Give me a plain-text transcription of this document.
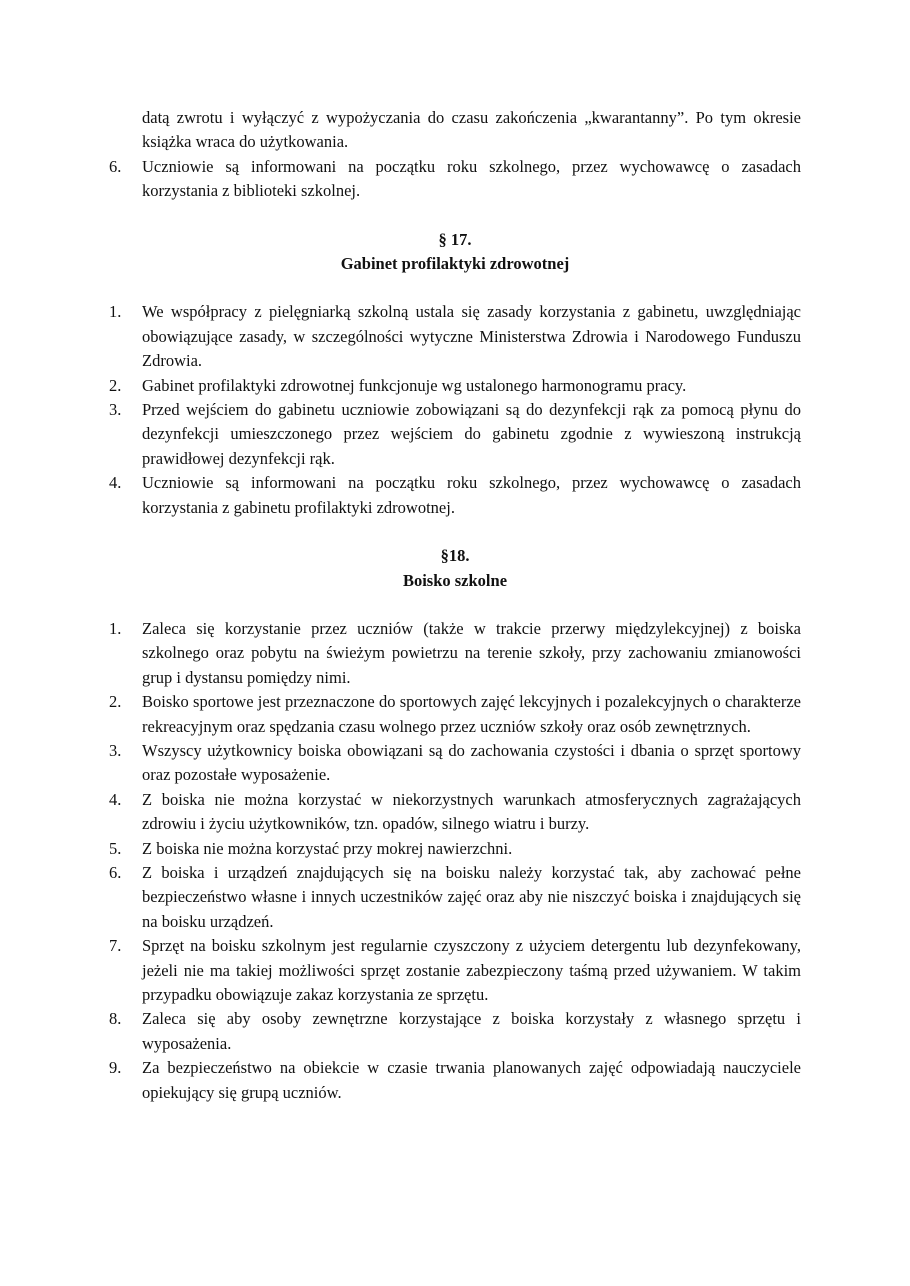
datą zwrotu i wyłączyć z wypożyczania do czasu zakończenia „kwarantanny”. Po tym okresie książka wraca do użytkowania.
6.	Uczniowie są informowani na początku roku szkolnego, przez wychowawcę o zasadach korzystania z biblioteki szkolnej.

§ 17.

Gabinet profilaktyki zdrowotnej

1.	We współpracy z pielęgniarką szkolną ustala się zasady korzystania z gabinetu, uwzględniając obowiązujące zasady, w szczególności wytyczne Ministerstwa Zdrowia i Narodowego Funduszu Zdrowia.
2.	Gabinet profilaktyki zdrowotnej funkcjonuje wg ustalonego harmonogramu pracy.
3.	Przed wejściem do gabinetu uczniowie zobowiązani są do dezynfekcji rąk za pomocą płynu do dezynfekcji umieszczonego przez wejściem do gabinetu zgodnie z wywieszoną instrukcją prawidłowej dezynfekcji rąk.
4.	Uczniowie są informowani na początku roku szkolnego, przez wychowawcę o zasadach korzystania z gabinetu profilaktyki zdrowotnej.

§18.

Boisko szkolne

1.	Zaleca się korzystanie przez uczniów (także w trakcie przerwy międzylekcyjnej) z boiska szkolnego oraz pobytu na świeżym powietrzu na terenie szkoły, przy zachowaniu zmianowości grup i dystansu pomiędzy nimi.
2.	Boisko sportowe jest przeznaczone do sportowych zajęć lekcyjnych i pozalekcyjnych o charakterze rekreacyjnym oraz spędzania czasu wolnego przez uczniów szkoły oraz osób zewnętrznych.
3.	Wszyscy użytkownicy boiska obowiązani są do zachowania czystości i dbania o sprzęt sportowy oraz pozostałe wyposażenie.
4.	Z boiska nie można korzystać w niekorzystnych warunkach atmosferycznych zagrażających zdrowiu i życiu użytkowników, tzn. opadów, silnego wiatru i burzy.
5.	Z boiska nie można korzystać przy mokrej nawierzchni.
6.	Z boiska i urządzeń znajdujących się na boisku należy korzystać tak, aby zachować pełne bezpieczeństwo własne i innych uczestników zajęć oraz aby nie niszczyć boiska i znajdujących się na boisku urządzeń.
7.	Sprzęt na boisku szkolnym jest regularnie czyszczony z użyciem detergentu lub dezynfekowany, jeżeli nie ma takiej możliwości sprzęt zostanie zabezpieczony taśmą przed używaniem. W takim przypadku obowiązuje zakaz korzystania ze sprzętu.
8.	Zaleca się aby osoby zewnętrzne korzystające z boiska korzystały z własnego sprzętu i wyposażenia.
9.	Za bezpieczeństwo na obiekcie w czasie trwania planowanych zajęć odpowiadają nauczyciele opiekujący się grupą uczniów.
